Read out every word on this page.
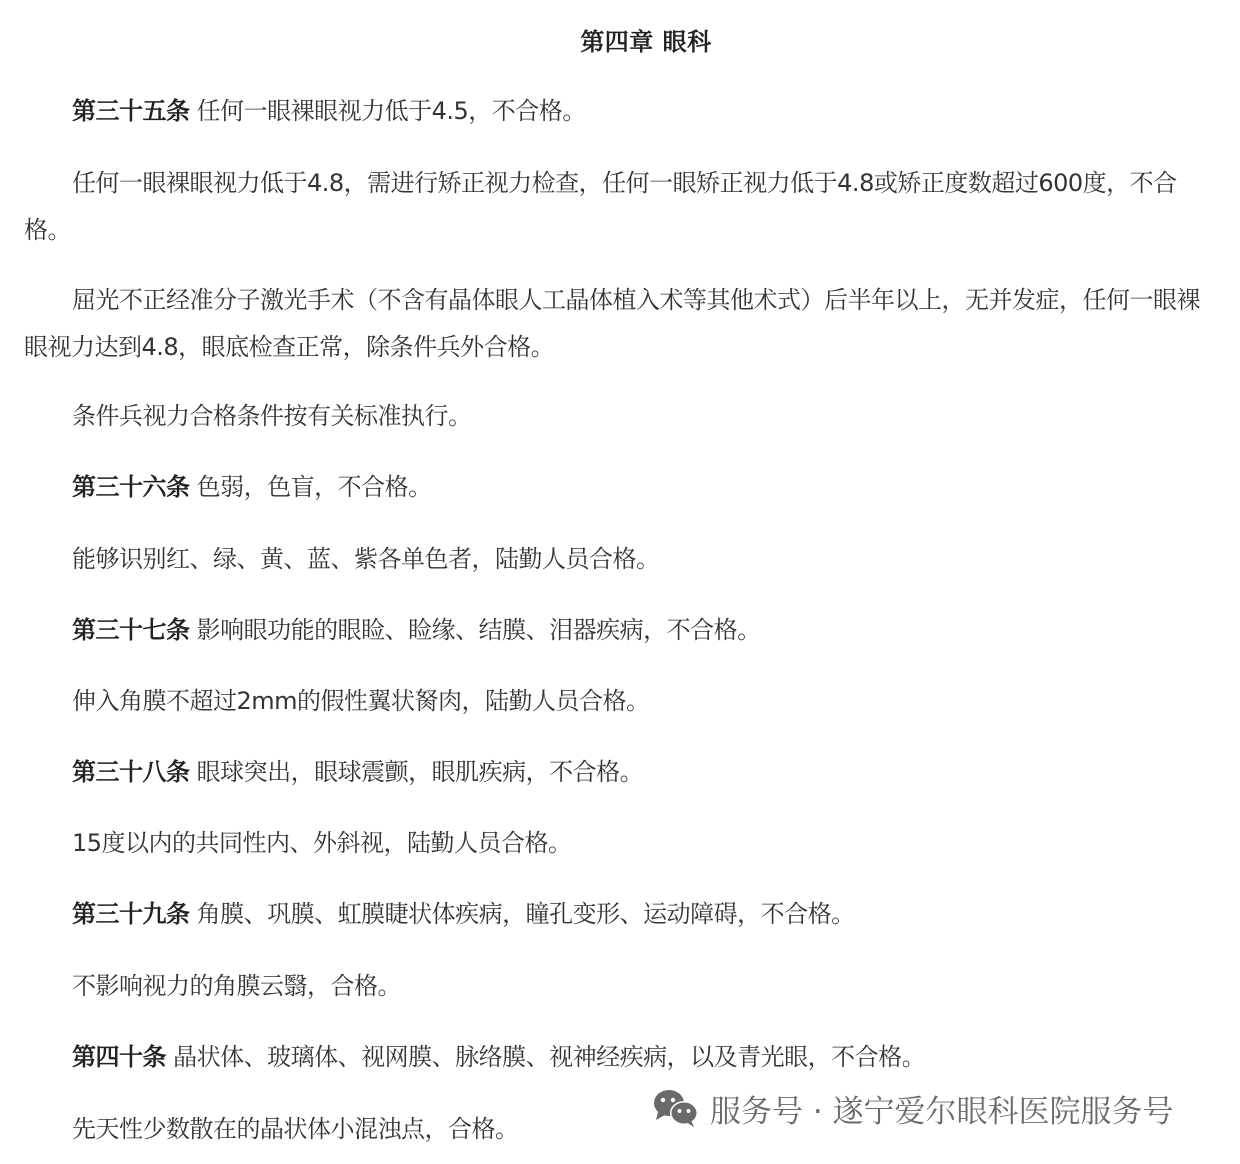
第四章 眼科

第三十五条 任何一眼裸眼视力低于4.5，不合格。

任何一眼裸眼视力低于4.8，需进行矫正视力检查，任何一眼矫正视力低于4.8或矫正度数超过600度，不合格。

屈光不正经准分子激光手术（不含有晶体眼人工晶体植入术等其他术式）后半年以上，无并发症，任何一眼裸眼视力达到4.8，眼底检查正常，除条件兵外合格。

条件兵视力合格条件按有关标准执行。

第三十六条 色弱，色盲，不合格。

能够识别红、绿、黄、蓝、紫各单色者，陆勤人员合格。

第三十七条 影响眼功能的眼睑、睑缘、结膜、泪器疾病，不合格。

伸入角膜不超过2mm的假性翼状胬肉，陆勤人员合格。

第三十八条 眼球突出，眼球震颤，眼肌疾病，不合格。

15度以内的共同性内、外斜视，陆勤人员合格。

第三十九条 角膜、巩膜、虹膜睫状体疾病，瞳孔变形、运动障碍，不合格。

不影响视力的角膜云翳，合格。

第四十条 晶状体、玻璃体、视网膜、脉络膜、视神经疾病，以及青光眼，不合格。

先天性少数散在的晶状体小混浊点，合格。	服务号 · 遂宁爱尔眼科医院服务号
